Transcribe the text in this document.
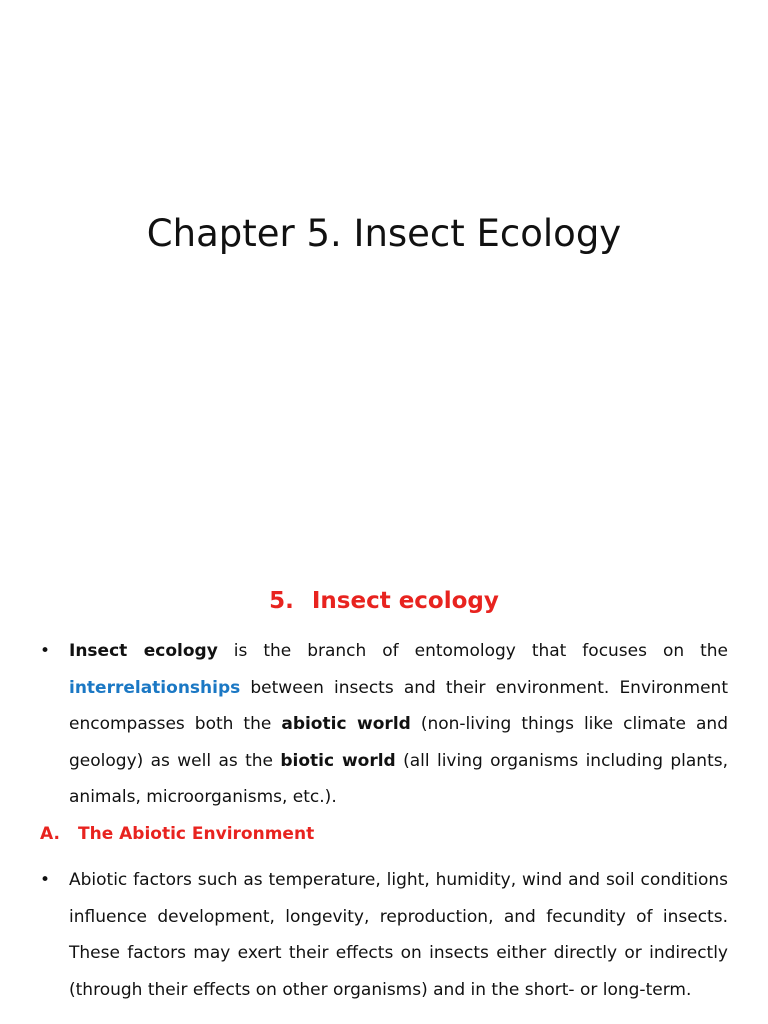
Chapter 5. Insect Ecology
5. Insect ecology
•	Insect ecology is the branch of entomology that focuses on the interrelationships between insects and their environment. Environment encompasses both the abiotic world (non-living things like climate and geology) as well as the biotic world (all living organisms including plants, animals, microorganisms, etc.).
A. The Abiotic Environment
•	Abiotic factors such as temperature, light, humidity, wind and soil conditions influence development, longevity, reproduction, and fecundity of insects. These factors may exert their effects on insects either directly or indirectly (through their effects on other organisms) and in the short- or long-term.
